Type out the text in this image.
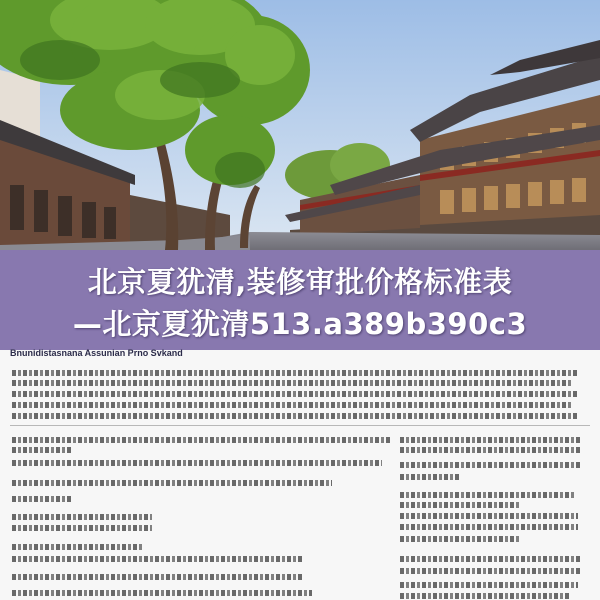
北京夏犹清,装修审批价格标准表
—北京夏犹清513.a389b390c3
Bnunidistasnana Assunian Prno Svkand
